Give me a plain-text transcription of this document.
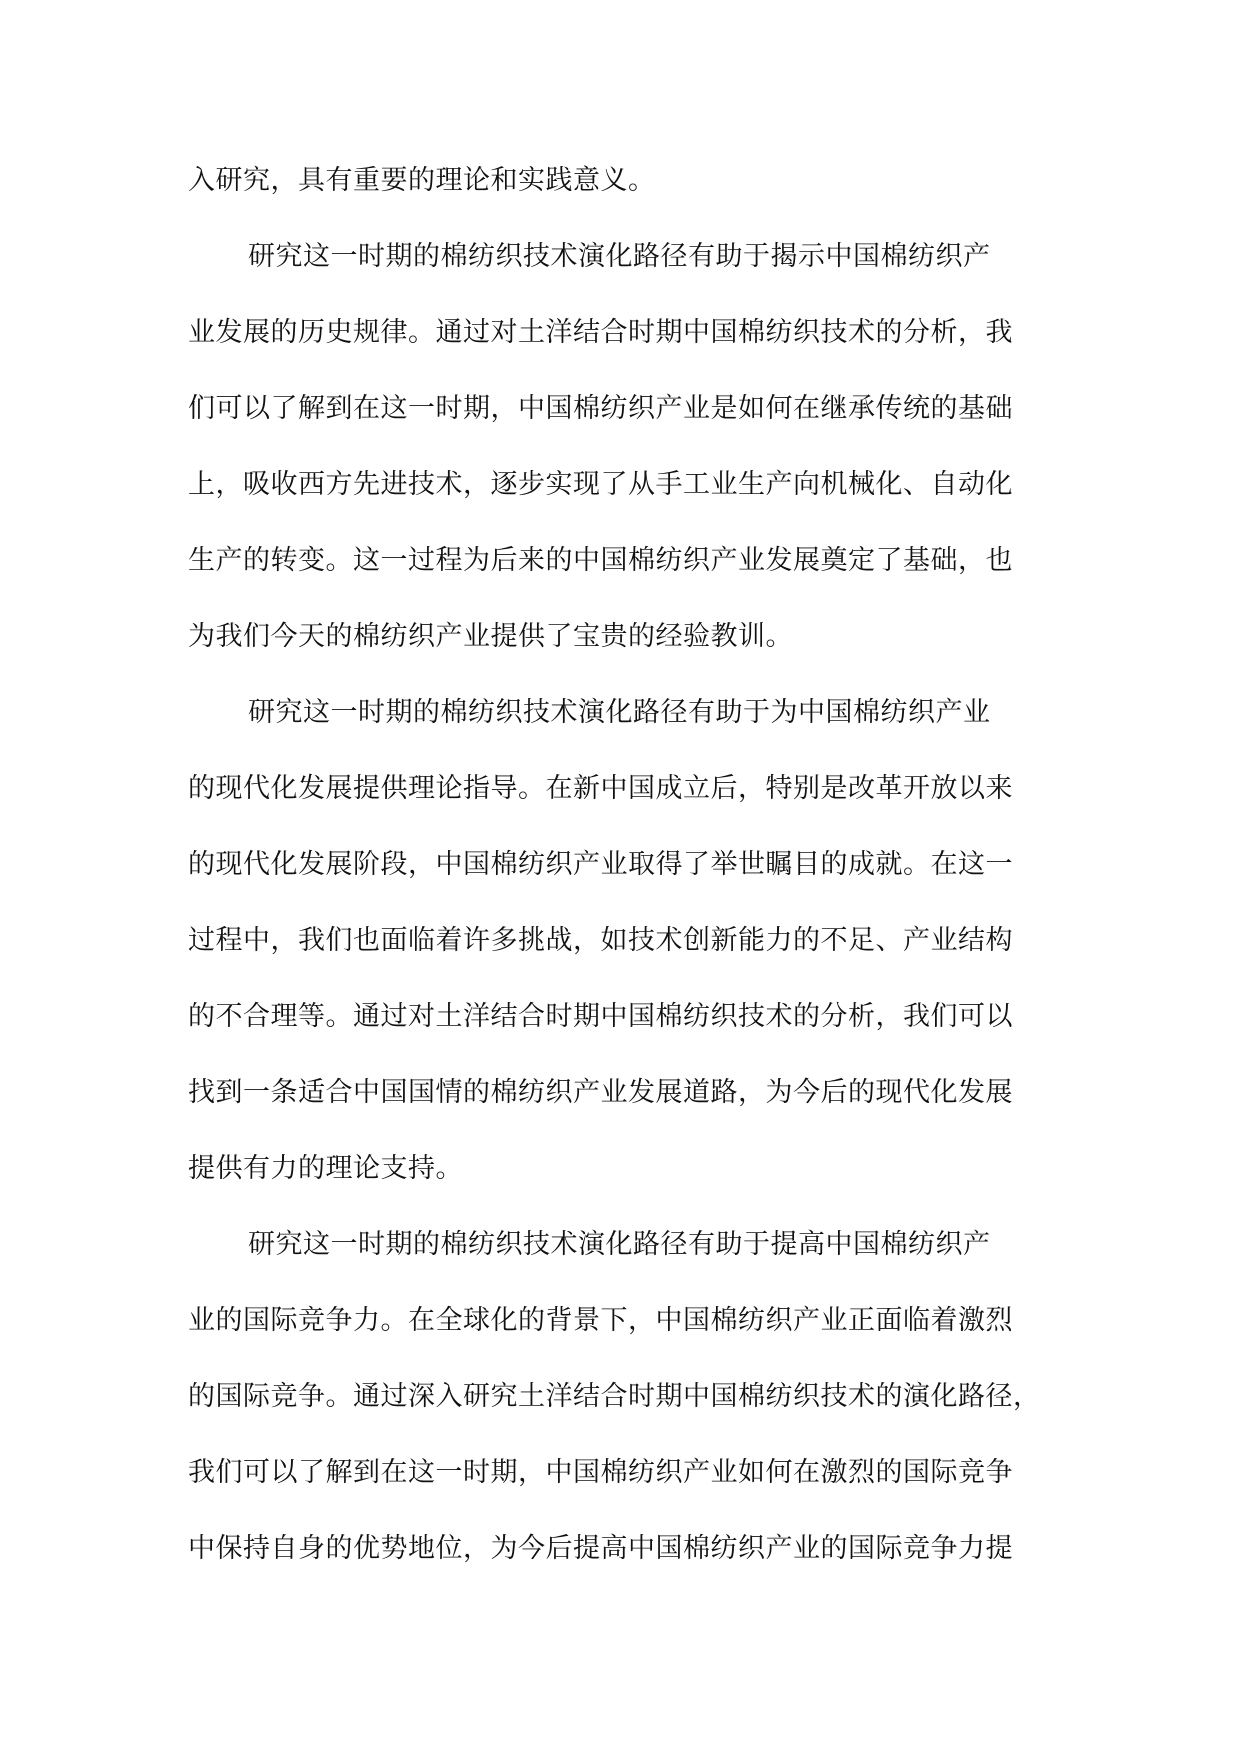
入研究，具有重要的理论和实践意义。
研究这一时期的棉纺织技术演化路径有助于揭示中国棉纺织产
业发展的历史规律。通过对土洋结合时期中国棉纺织技术的分析，我
们可以了解到在这一时期，中国棉纺织产业是如何在继承传统的基础
上，吸收西方先进技术，逐步实现了从手工业生产向机械化、自动化
生产的转变。这一过程为后来的中国棉纺织产业发展奠定了基础，也
为我们今天的棉纺织产业提供了宝贵的经验教训。
研究这一时期的棉纺织技术演化路径有助于为中国棉纺织产业
的现代化发展提供理论指导。在新中国成立后，特别是改革开放以来
的现代化发展阶段，中国棉纺织产业取得了举世瞩目的成就。在这一
过程中，我们也面临着许多挑战，如技术创新能力的不足、产业结构
的不合理等。通过对土洋结合时期中国棉纺织技术的分析，我们可以
找到一条适合中国国情的棉纺织产业发展道路，为今后的现代化发展
提供有力的理论支持。
研究这一时期的棉纺织技术演化路径有助于提高中国棉纺织产
业的国际竞争力。在全球化的背景下，中国棉纺织产业正面临着激烈
的国际竞争。通过深入研究土洋结合时期中国棉纺织技术的演化路径，
我们可以了解到在这一时期，中国棉纺织产业如何在激烈的国际竞争
中保持自身的优势地位，为今后提高中国棉纺织产业的国际竞争力提
